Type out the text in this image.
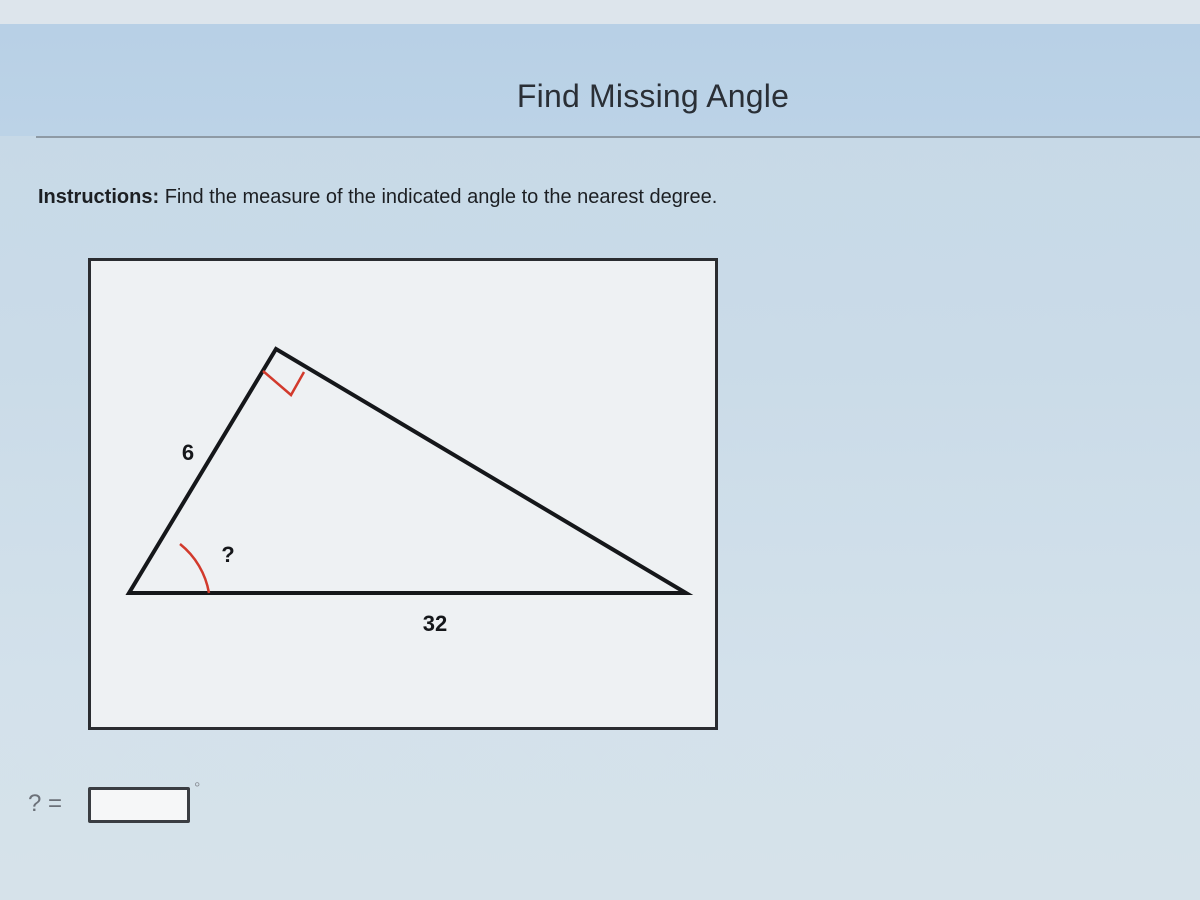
Find Missing Angle
Instructions: Find the measure of the indicated angle to the nearest degree.
6
?
32
? =
°
